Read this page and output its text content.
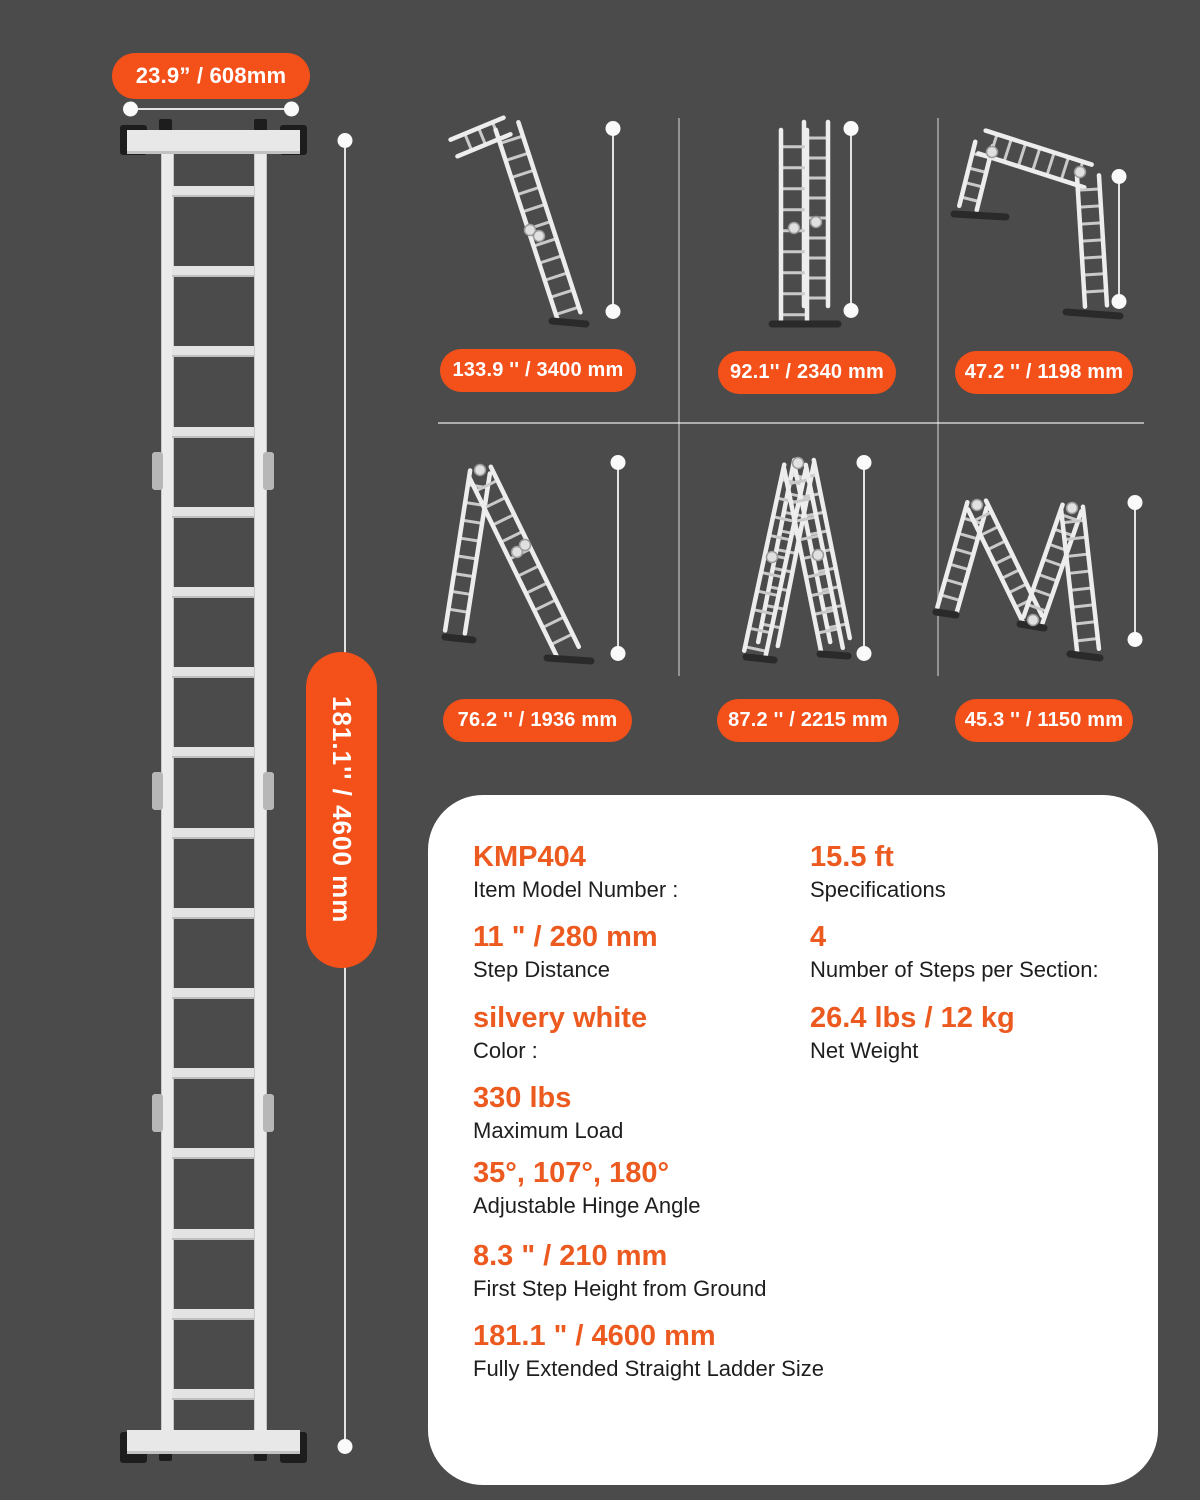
23.9” / 608mm
181.1'' / 4600 mm
133.9 '' / 3400 mm	92.1'' / 2340 mm	47.2 '' / 1198 mm
76.2 '' / 1936 mm	87.2 '' / 2215 mm	45.3 '' / 1150 mm
KMP404
Item Model Number :
11 " / 280 mm
Step Distance
silvery white
Color :
330 lbs
Maximum Load
35°, 107°, 180°
Adjustable Hinge Angle
8.3 " / 210 mm
First Step Height from Ground
181.1 " / 4600 mm
Fully Extended Straight Ladder Size
15.5 ft
Specifications
4
Number of Steps per Section:
26.4 lbs / 12 kg
Net Weight
